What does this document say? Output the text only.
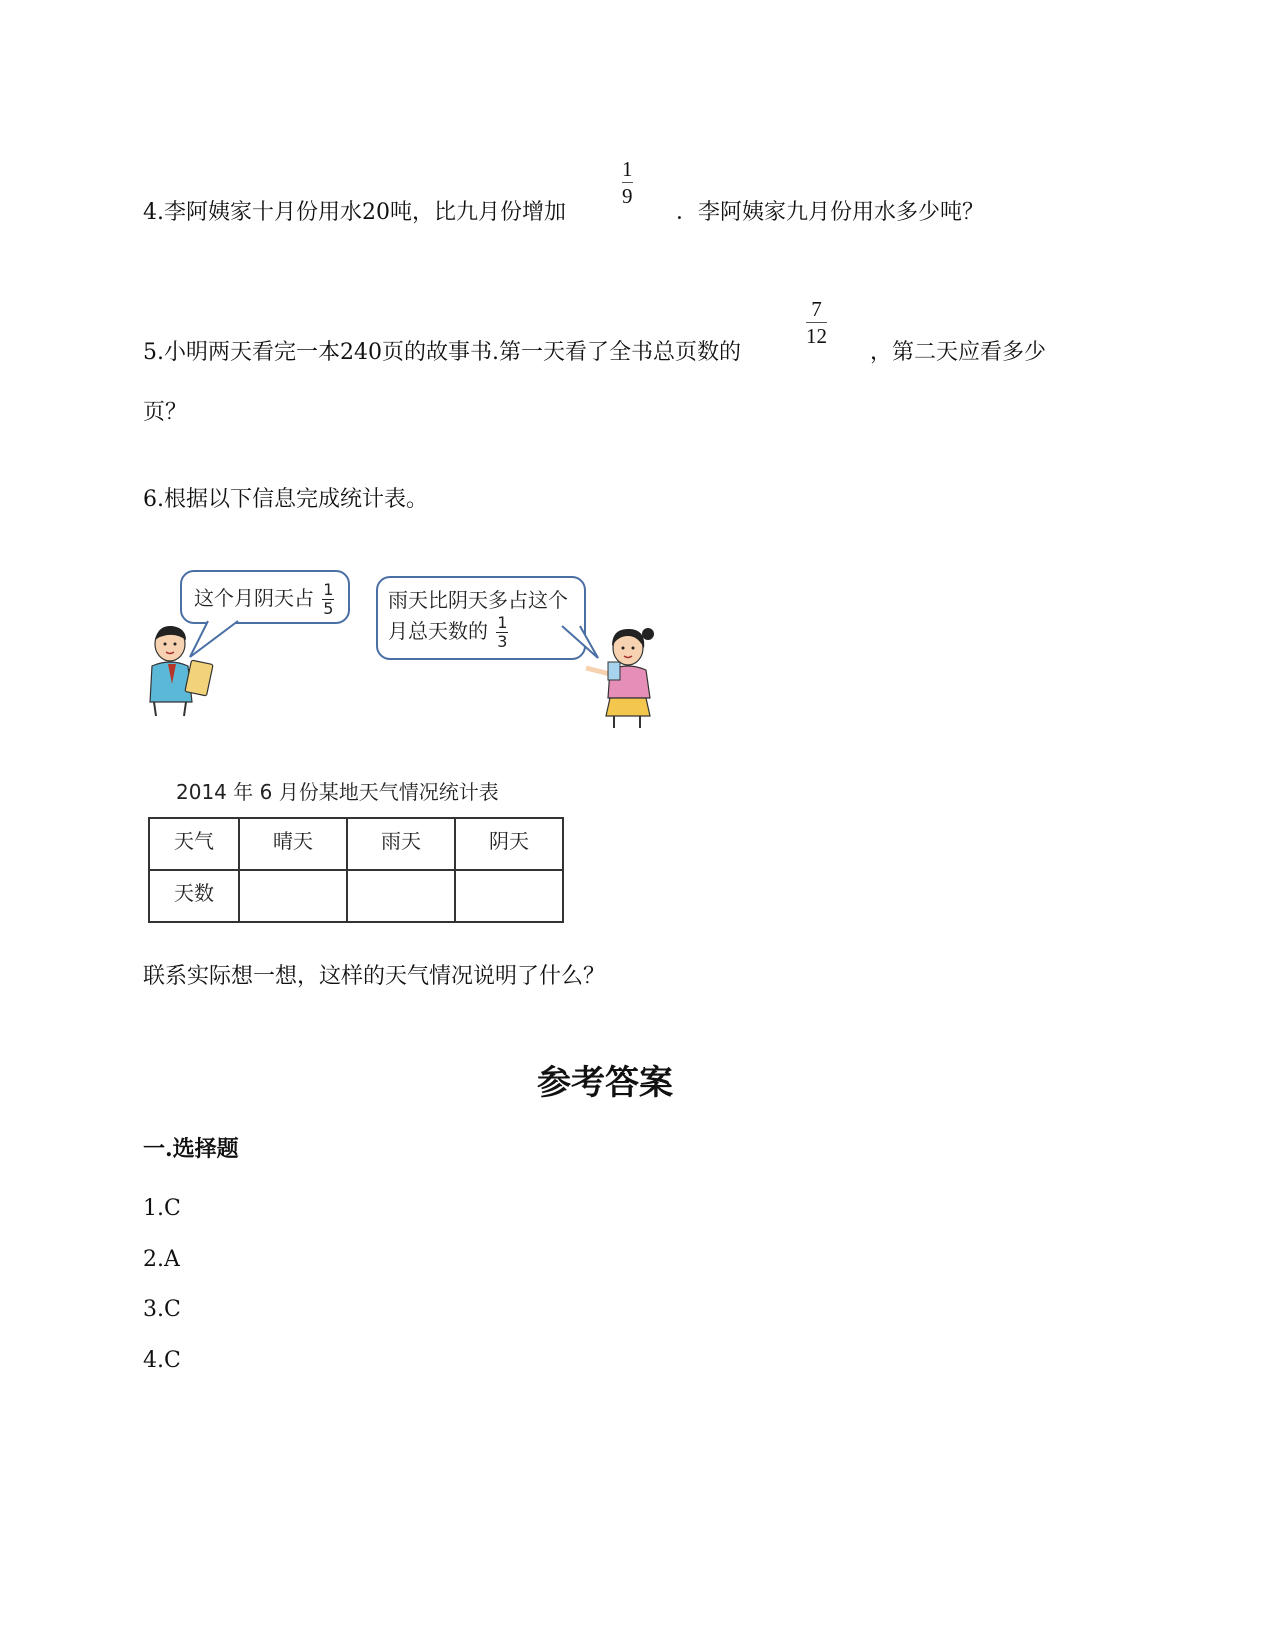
4.李阿姨家十月份用水20吨，比九月份增加
1
9
．李阿姨家九月份用水多少吨？
5.小明两天看完一本240页的故事书.第一天看了全书总页数的
7
12
，第二天应看多少
页？
6.根据以下信息完成统计表。
这个月阴天占 $\frac{1}{5}$	雨天比阴天多占这个
月总天数的 $\frac{1}{3}$
2014 年 6 月份某地天气情况统计表
天气	晴天	雨天	阴天
天数			
联系实际想一想，这样的天气情况说明了什么？
参考答案
一.选择题
1.C
2.A
3.C
4.C
